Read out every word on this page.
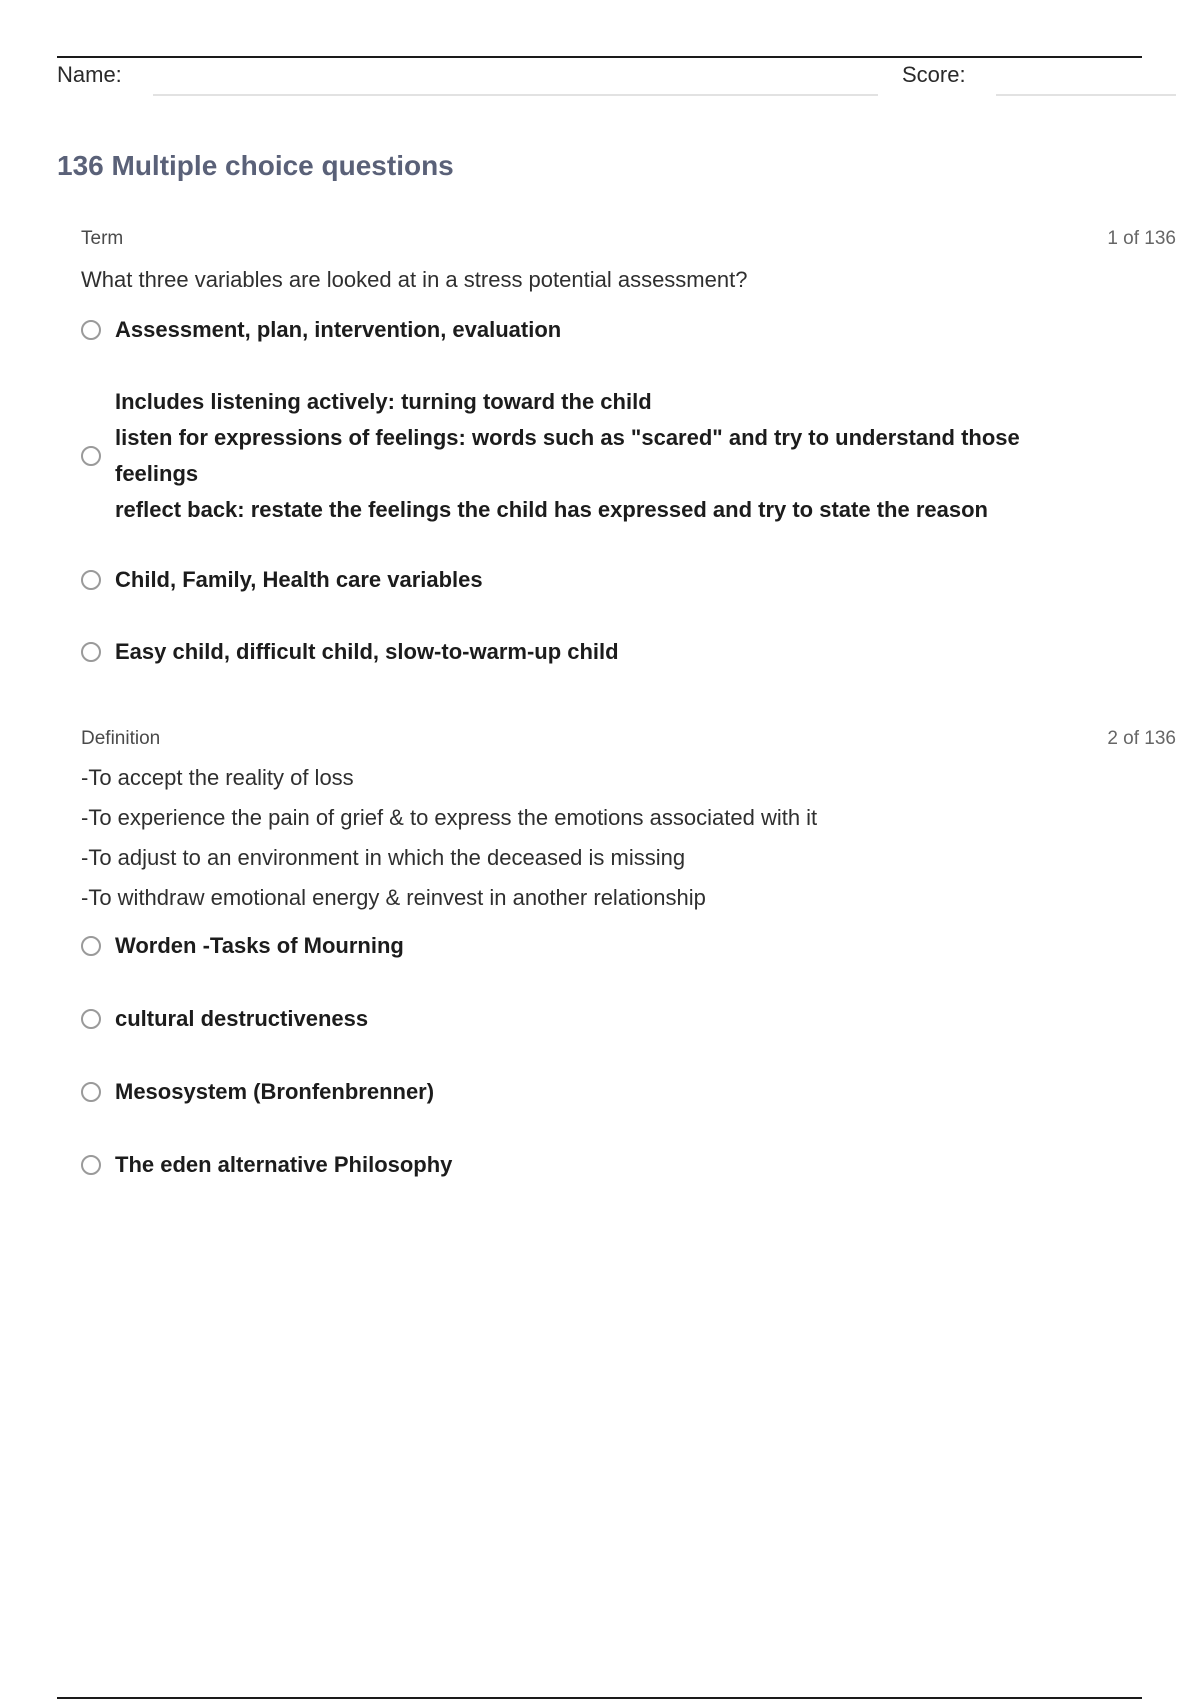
Name:	Score:
136 Multiple choice questions
Term	1 of 136

What three variables are looked at in a stress potential assessment?

Assessment, plan, intervention, evaluation
Includes listening actively: turning toward the child
listen for expressions of feelings: words such as "scared" and try to understand those feelings
reflect back: restate the feelings the child has expressed and try to state the reason
Child, Family, Health care variables
Easy child, difficult child, slow-to-warm-up child
Definition	2 of 136

-To accept the reality of loss
-To experience the pain of grief & to express the emotions associated with it
-To adjust to an environment in which the deceased is missing
-To withdraw emotional energy & reinvest in another relationship

Worden -Tasks of Mourning
cultural destructiveness
Mesosystem (Bronfenbrenner)
The eden alternative Philosophy
